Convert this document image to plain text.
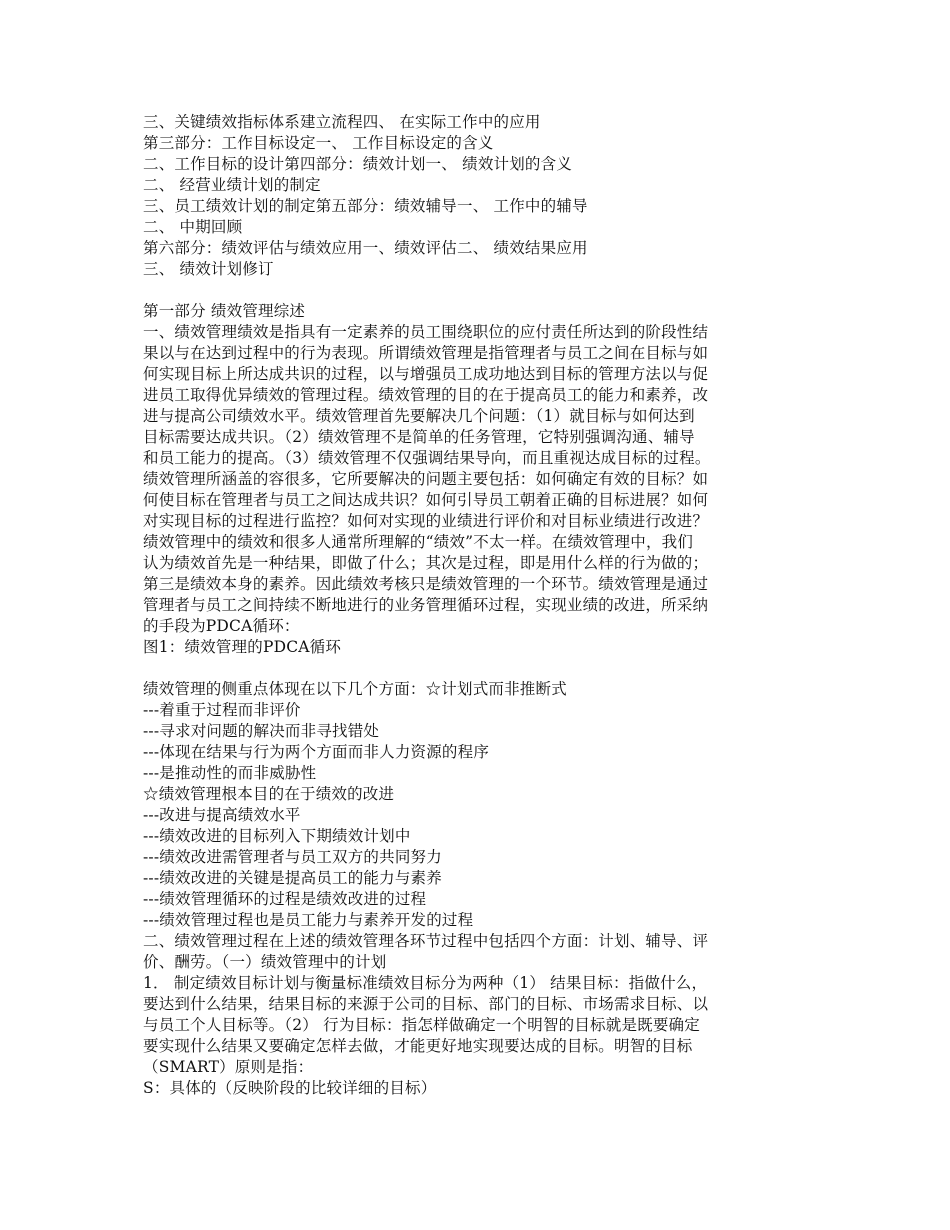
三、关键绩效指标体系建立流程四、 在实际工作中的应用
第三部分：工作目标设定一、 工作目标设定的含义
二、工作目标的设计第四部分：绩效计划一、 绩效计划的含义
二、 经营业绩计划的制定
三、员工绩效计划的制定第五部分：绩效辅导一、 工作中的辅导
二、 中期回顾
第六部分：绩效评估与绩效应用一、绩效评估二、 绩效结果应用
三、 绩效计划修订
第一部分 绩效管理综述
一、绩效管理绩效是指具有一定素养的员工围绕职位的应付责任所达到的阶段性结
果以与在达到过程中的行为表现。所谓绩效管理是指管理者与员工之间在目标与如
何实现目标上所达成共识的过程，以与增强员工成功地达到目标的管理方法以与促
进员工取得优异绩效的管理过程。绩效管理的目的在于提高员工的能力和素养，改
进与提高公司绩效水平。绩效管理首先要解决几个问题：（1）就目标与如何达到
目标需要达成共识。（2）绩效管理不是简单的任务管理，它特别强调沟通、辅导
和员工能力的提高。（3）绩效管理不仅强调结果导向，而且重视达成目标的过程。
绩效管理所涵盖的容很多，它所要解决的问题主要包括：如何确定有效的目标？如
何使目标在管理者与员工之间达成共识？如何引导员工朝着正确的目标进展？如何
对实现目标的过程进行监控？如何对实现的业绩进行评价和对目标业绩进行改进？
绩效管理中的绩效和很多人通常所理解的“绩效”不太一样。在绩效管理中，我们
认为绩效首先是一种结果，即做了什么；其次是过程，即是用什么样的行为做的；
第三是绩效本身的素养。因此绩效考核只是绩效管理的一个环节。绩效管理是通过
管理者与员工之间持续不断地进行的业务管理循环过程，实现业绩的改进，所采纳
的手段为PDCA循环：
图1：绩效管理的PDCA循环
绩效管理的侧重点体现在以下几个方面：☆计划式而非推断式
---着重于过程而非评价
---寻求对问题的解决而非寻找错处
---体现在结果与行为两个方面而非人力资源的程序
---是推动性的而非威胁性
☆绩效管理根本目的在于绩效的改进
---改进与提高绩效水平
---绩效改进的目标列入下期绩效计划中
---绩效改进需管理者与员工双方的共同努力
---绩效改进的关键是提高员工的能力与素养
---绩效管理循环的过程是绩效改进的过程
---绩效管理过程也是员工能力与素养开发的过程
二、绩效管理过程在上述的绩效管理各环节过程中包括四个方面：计划、辅导、评
价、酬劳。（一）绩效管理中的计划
1． 制定绩效目标计划与衡量标准绩效目标分为两种（1） 结果目标：指做什么，
要达到什么结果，结果目标的来源于公司的目标、部门的目标、市场需求目标、以
与员工个人目标等。（2） 行为目标：指怎样做确定一个明智的目标就是既要确定
要实现什么结果又要确定怎样去做，才能更好地实现要达成的目标。明智的目标
（SMART）原则是指：
S：具体的（反映阶段的比较详细的目标）
